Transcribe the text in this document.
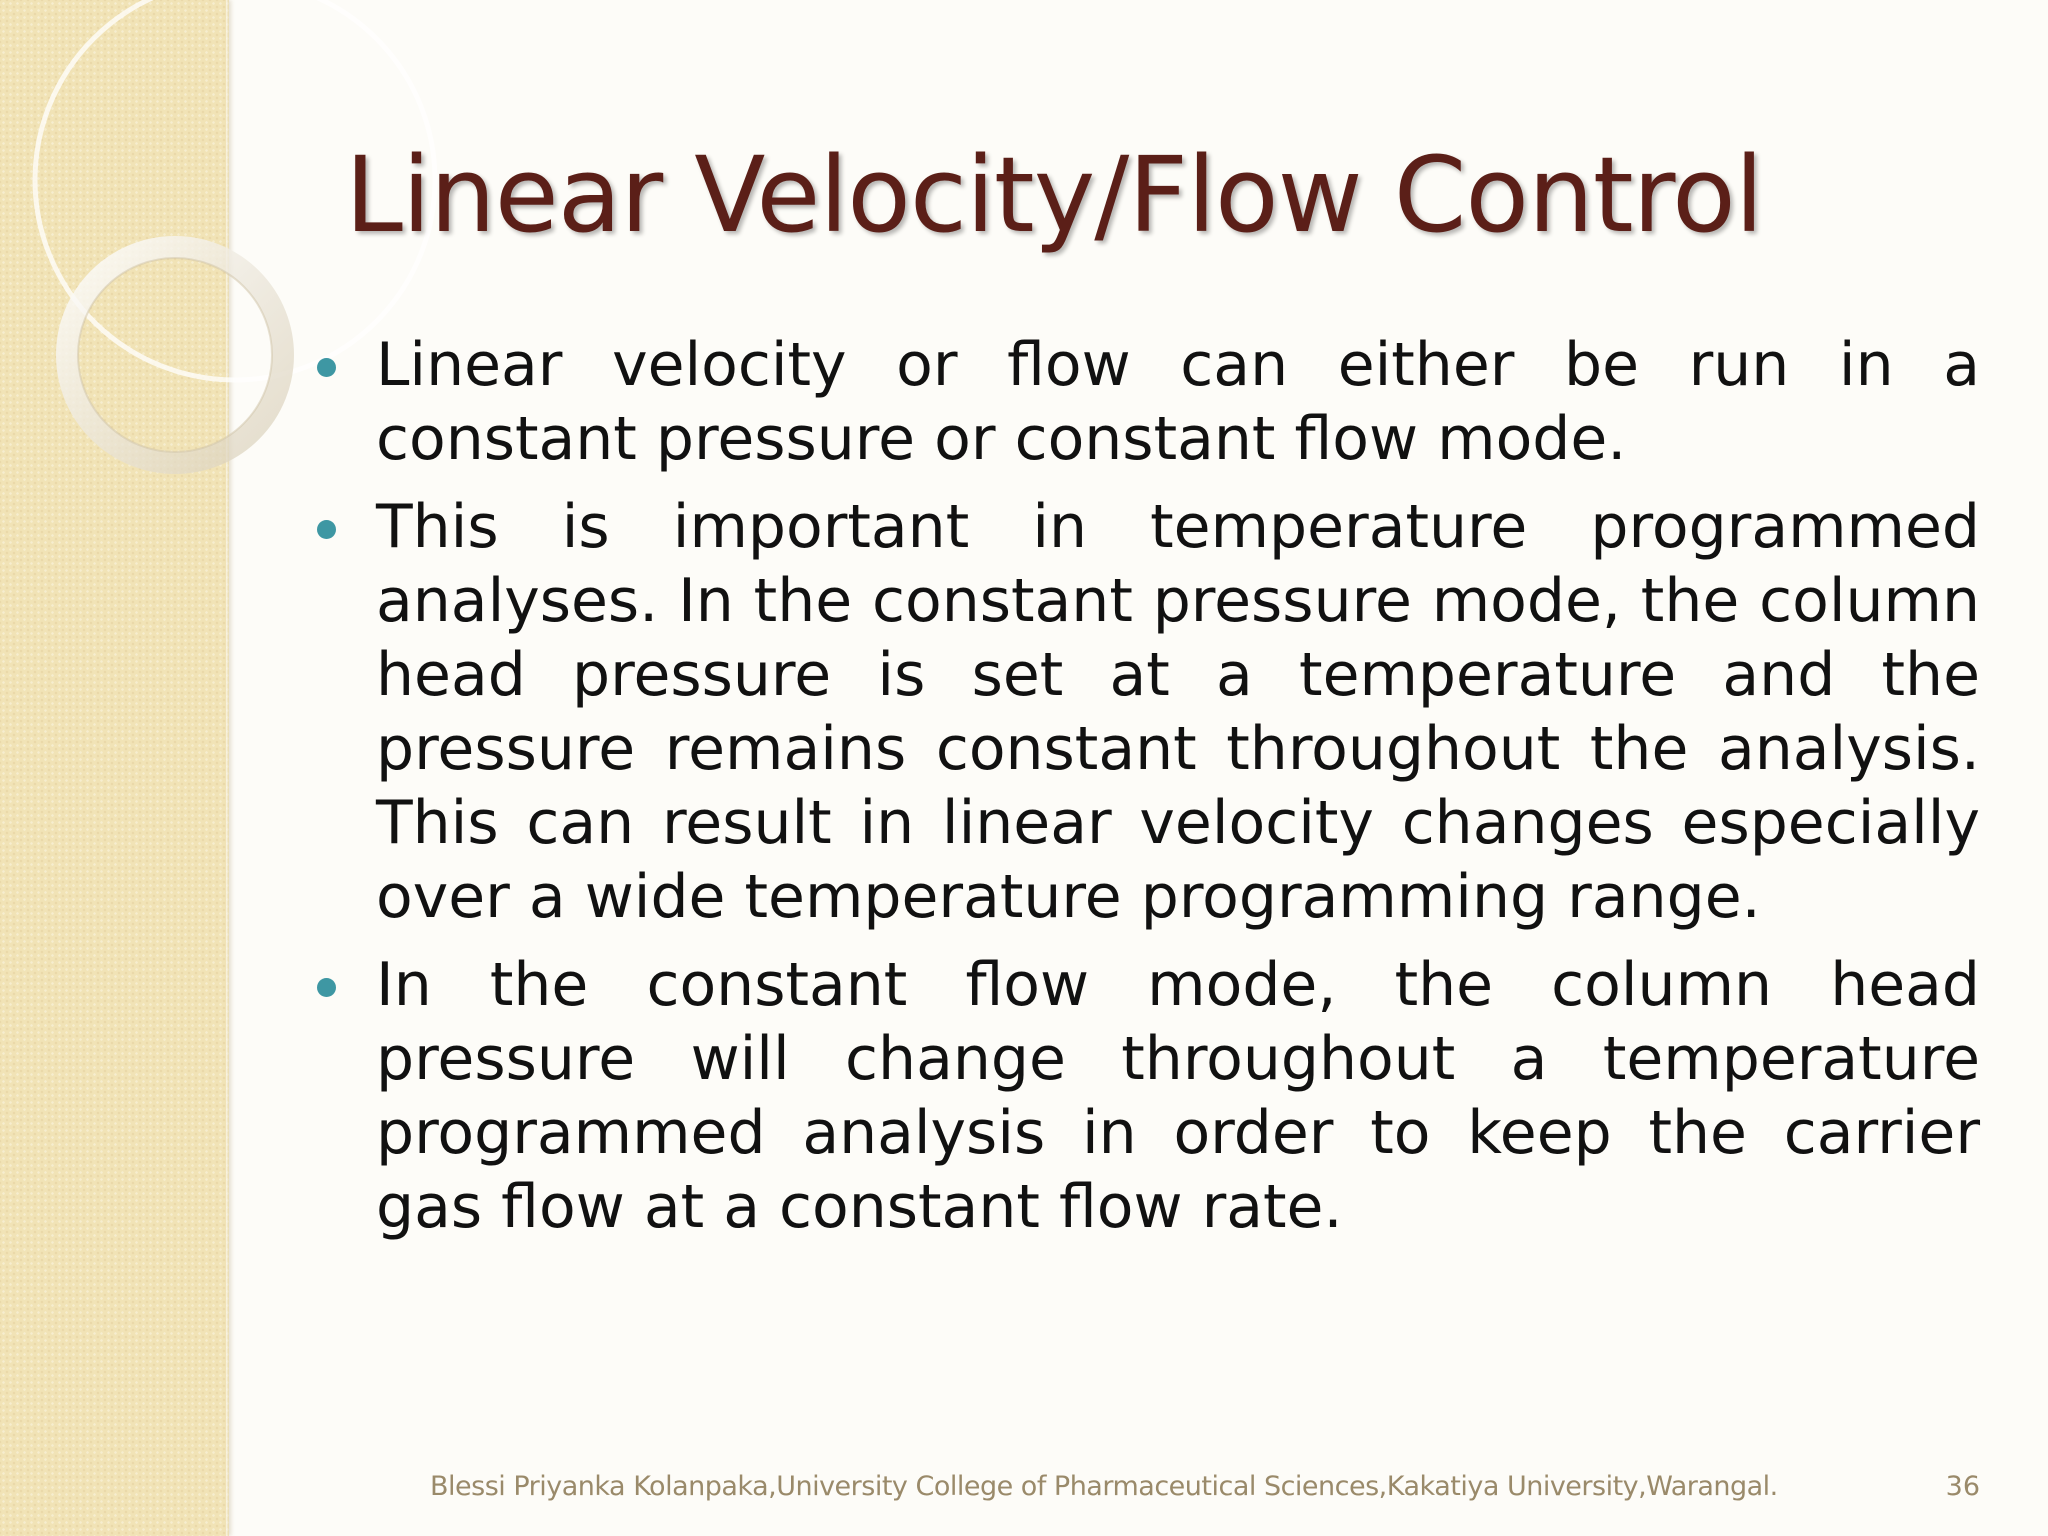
Linear Velocity/Flow Control
Linear velocity or flow can either be run in a constant pressure or constant flow mode.
This is important in temperature programmed analyses. In the constant pressure mode, the column head pressure is set at a temperature and the pressure remains constant throughout the analysis. This can result in linear velocity changes especially over a wide temperature programming range.
In the constant flow mode, the column head pressure will change throughout a temperature programmed analysis in order to keep the carrier gas flow at a constant flow rate.
Blessi Priyanka Kolanpaka,University College of Pharmaceutical Sciences,Kakatiya University,Warangal.	36
